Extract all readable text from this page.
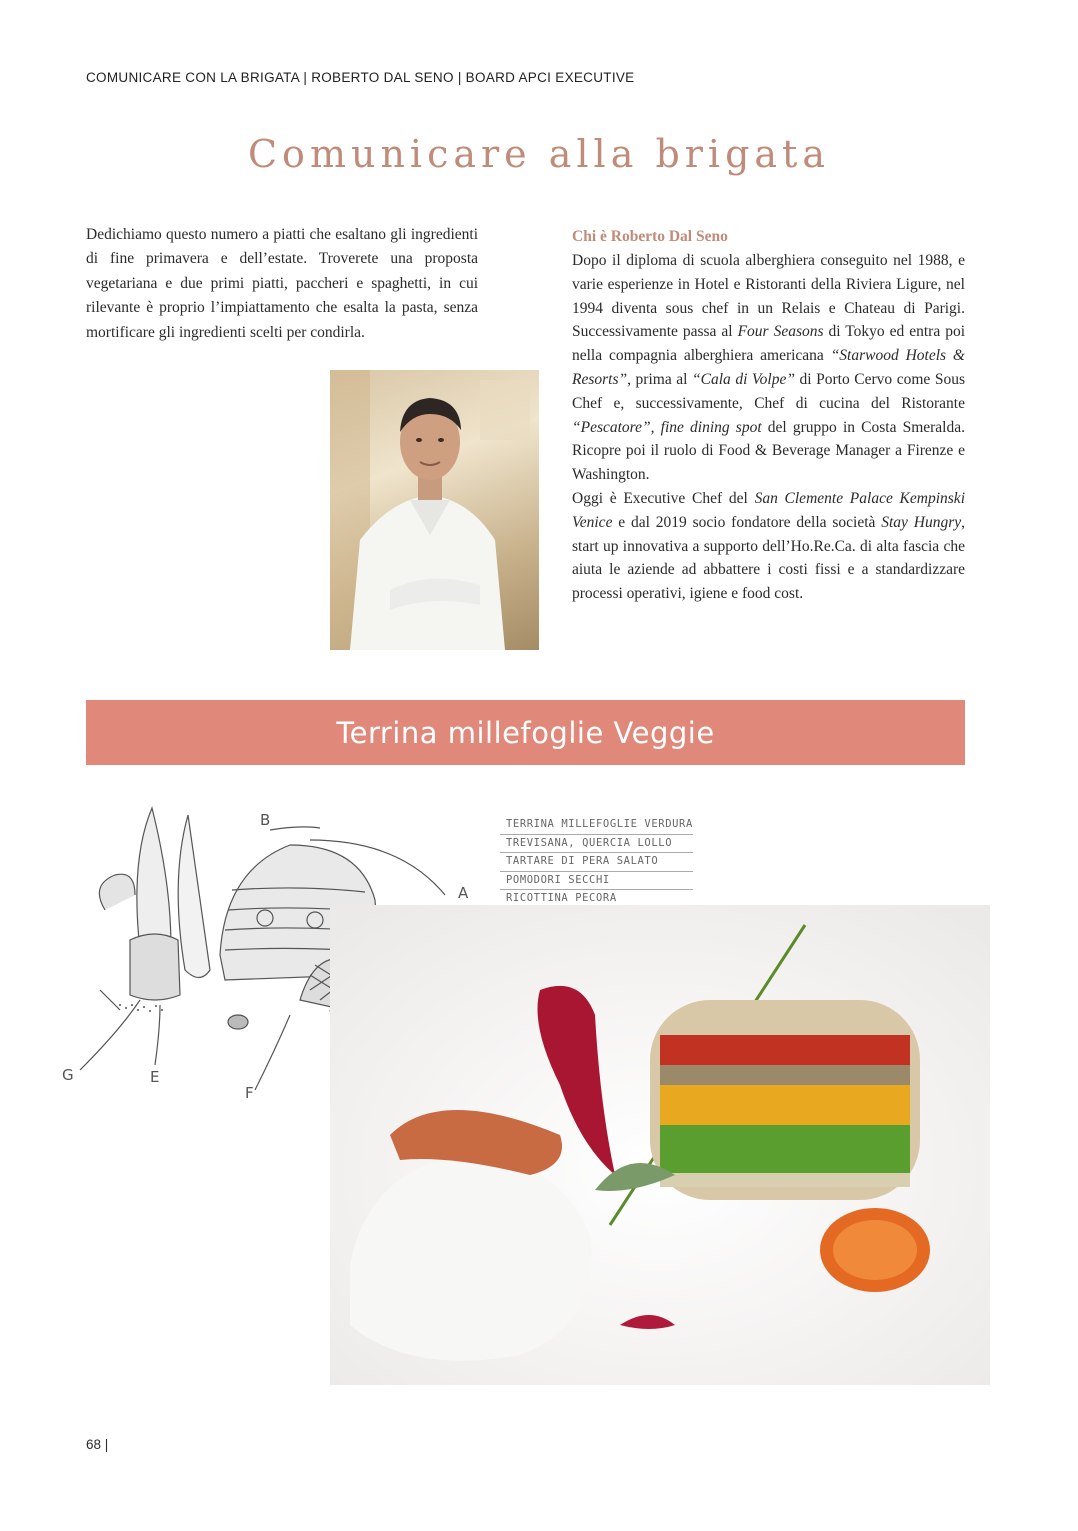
COMUNICARE CON LA BRIGATA | ROBERTO DAL SENO | BOARD APCI EXECUTIVE
Comunicare alla brigata

Dedichiamo questo numero a piatti che esaltano gli ingredienti di fine primavera e dell’estate. Troverete una proposta vegetariana e due primi piatti, paccheri e spaghetti, in cui rilevante è proprio l’impiattamento che esalta la pasta, senza mortificare gli ingredienti scelti per condirla.

Chi è Roberto Dal Seno

Dopo il diploma di scuola alberghiera conseguito nel 1988, e varie esperienze in Hotel e Ristoranti della Riviera Ligure, nel 1994 diventa sous chef in un Relais e Chateau di Parigi. Successivamente passa al Four Seasons di Tokyo ed entra poi nella compagnia alberghiera americana “Starwood Hotels & Resorts”, prima al “Cala di Volpe” di Porto Cervo come Sous Chef e, successivamente, Chef di cucina del Ristorante “Pescatore”, fine dining spot del gruppo in Costa Smeralda. Ricopre poi il ruolo di Food & Beverage Manager a Firenze e Washington.

Oggi è Executive Chef del San Clemente Palace Kempinski Venice e dal 2019 socio fondatore della società Stay Hungry, start up innovativa a supporto dell’Ho.Re.Ca. di alta fascia che aiuta le aziende ad abbattere i costi fissi e a standardizzare processi operativi, igiene e food cost.

Terrina millefoglie Veggie
B
A
E
F
G
TERRINA MILLEFOGLIE VERDURA
TREVISANA, QUERCIA LOLLO
TARTARE DI PERA SALATO
POMODORI SECCHI
RICOTTINA PECORA
68 |
